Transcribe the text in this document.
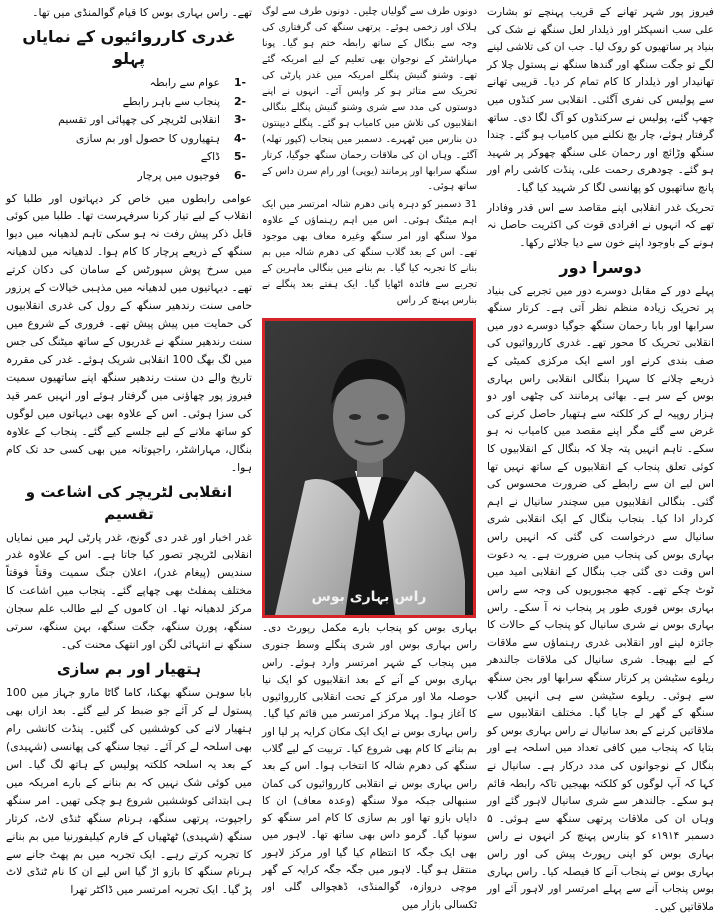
فیروز پور شہر تھانے کے قریب پہنچے تو بشارت علی سب انسپکٹر اور ذیلدار لعل سنگھ نے شک کی بنیاد پر ساتھیوں کو روک لیا۔ جب ان کی تلاشی لینے لگے تو جگت سنگھ اور گندھا سنگھ نے پستول چلا کر تھانیدار اور ذیلدار کا کام تمام کر دیا۔ قریبی تھانے سے پولیس کی نفری آگئی۔ انقلابی سر کنڈوں میں چھپ گئے، پولیس نے سرکنڈوں کو آگ لگا دی۔ ساتھ گرفتار ہوئے، چار بچ نکلنے میں کامیاب ہو گئے۔ چندا سنگھ وڑائچ اور رحمان علی سنگھ چھوکر پر شہید ہو گئے۔ چودھری رحمت علی، پنڈت کاشی رام اور پانچ ساتھیوں کو پھانسی لگا کر شہید کیا گیا۔

تحریک غدر انقلابی اپنے مقاصد سے اس قدر وفادار تھے کہ انہوں نے افرادی قوت کی اکثریت حاصل نہ ہونے کے باوجود اپنے خون سے دیا جلائے رکھا۔

دوسرا دور

پہلے دور کے مقابل دوسرے دور میں تجربے کی بنیاد پر تحریک زیادہ منظم نظر آتی ہے۔ کرتار سنگھ سرابھا اور بابا رحمان سنگھ جوگیا دوسرے دور میں انقلابی تحریک کا محور تھے۔ غدری کارروائیوں کی صف بندی کرنے اور اسے ایک مرکزی کمیٹی کے ذریعے چلانے کا سہرا بنگالی انقلابی راس بہاری بوس کے سر ہے۔ بھائی پرمانند کی چٹھی اور دو ہزار روپیہ لے کر کلکتہ سے ہتھیار حاصل کرنے کی غرض سے گئے مگر اپنے مقصد میں کامیاب نہ ہو سکے۔ تاہم انہیں پتہ چلا کہ بنگال کے انقلابیوں کا کوئی تعلق پنجاب کے انقلابیوں کے ساتھ نہیں تھا اس لیے ان سے رابطے کی ضرورت محسوس کی گئی۔ بنگالی انقلابیوں میں سچندر سانیال نے اہم کردار ادا کیا۔ بنجاب بنگال کے ایک انقلابی شری سانیال سے درخواست کی گئی کہ انہیں راس بہاری بوس کی پنجاب میں ضرورت ہے۔ یہ دعوت اس وقت دی گئی جب بنگال کے انقلابی امید میں ٹوٹ چکے تھے۔ کچھ مجبوریوں کی وجہ سے راس بہاری بوس فوری طور پر پنجاب نہ آ سکے۔ راس بہاری بوس نے شری سانیال کو پنجاب کے حالات کا جائزہ لینے اور انقلابی غدری رہنماؤں سے ملاقات کے لیے بھیجا۔ شری سانیال کی ملاقات جالندھر ریلوے سٹیشن پر کرتار سنگھ سرابھا اور بجن سنگھ سے ہوئی۔ ریلوے سٹیشن سے ہی انہیں گلاب سنگھ کے گھر لے جایا گیا۔ مختلف انقلابیوں سے ملاقاتیں کرنے کے بعد سانیال نے راس بہاری بوس کو بتایا کہ پنجاب میں کافی تعداد میں اسلحہ ہے اور بنگال کے نوجوانوں کی مدد درکار ہے۔ سانیال نے کہا کہ آپ لوگوں کو کلکتہ بھیجیں تاکہ رابطہ قائم ہو سکے۔ جالندھر سے شری سانیال لاہور گئے اور وہاں ان کی ملاقات پرتھی سنگھ سے ہوئی۔ ۵ دسمبر ۱۹۱۴ء کو بنارس پہنچ کر انہوں نے راس بہاری بوس کو اپنی رپورٹ پیش کی اور راس بہاری بوس نے پنجاب آنے کا فیصلہ کیا۔ راس بہاری بوس پنجاب آنے سے پہلے امرتسر اور لاہور آئے اور ملاقاتیں کیں۔

دونوں طرف سے گولیاں چلیں۔ دونوں طرف سے لوگ ہلاک اور زخمی ہوئے۔ پرتھی سنگھ کی گرفتاری کی وجہ سے بنگال کے ساتھ رابطہ ختم ہو گیا۔ پونا مہاراشٹر کے نوجوان بھی تعلیم کے لیے امریکہ گئے تھے۔ وشنو گنیش پنگلے امریکہ میں غدر پارٹی کی تحریک سے متاثر ہو کر واپس آئے۔ انہوں نے اپنے دوستوں کی مدد سے شری وشنو گنیش پنگلے بنگالی انقلابیوں کی تلاش میں کامیاب ہو گئے۔ پنگلے دیپنتون دن بنارس میں ٹھہرے۔ دسمبر میں پنجاب (کپور تھلہ) آگئے۔ وہاں ان کی ملاقات رحمان سنگھ جوگیا، کرتار سنگھ سرابھا اور پرمانند (یوپی) اور رام سرن داس کے ساتھ ہوئی۔

31 دسمبر کو دہرہ پانی دھرم شالہ امرتسر میں ایک اہم میٹنگ ہوئی۔ اس میں اہم رہنماؤں کے علاوہ مولا سنگھ اور امر سنگھ وغیرہ معاف بھی موجود تھے۔ اس کے بعد گلاب سنگھ کی دھرم شالہ میں بم بنانے کا تجربہ کیا گیا۔ بم بنانے میں بنگالی ماہرین کے تجربے سے فائدہ اٹھایا گیا۔ ایک ہفتے بعد پنگلے نے بنارس پہنچ کر راس

راس بہاری بوس

بہاری بوس کو پنجاب بارے مکمل رپورٹ دی۔ راس بہاری بوس اور شری پنگلے وسط جنوری میں پنجاب کے شہر امرتسر وارد ہوئے۔ راس بہاری بوس کے آنے کے بعد انقلابیوں کو ایک نیا حوصلہ ملا اور مرکز کے تحت انقلابی کارروائیوں کا آغاز ہوا۔ پہلا مرکز امرتسر میں قائم کیا گیا۔ راس بہاری بوس نے ایک ایک مکان کرایہ پر لیا اور بم بنانے کا کام بھی شروع کیا۔ تربیت کے لیے گلاب سنگھ کی دھرم شالہ کا انتخاب ہوا۔ اس کے بعد راس بہاری بوس نے انقلابی کارروائیوں کی کمان سنبھالی جبکہ مولا سنگھ (وعدہ معاف) ان کا دایاں بازو تھا اور بم سازی کا کام امر سنگھ کو سونپا گیا۔ گرمو داس بھی ساتھ تھا۔ لاہور میں بھی ایک جگہ کا انتظام کیا گیا اور مرکز لاہور منتقل ہو گیا۔ لاہور میں جگہ جگہ کرایہ کے گھر موچی دروازہ، گوالمنڈی، ڈھچوالی گلی اور ٹکسالی بازار میں

تھے۔ راس بہاری بوس کا قیام گوالمنڈی میں تھا۔

غدری کارروائیوں کے نمایاں پہلو
-1عوام سے رابطہ
-2پنجاب سے باہر رابطے
-3انقلابی لٹریچر کی چھپائی اور تقسیم
-4ہتھیاروں کا حصول اور بم سازی
-5ڈاکے
-6فوجیوں میں پرچار

عوامی رابطوں میں خاص کر دیہاتوں اور طلبا کو انقلاب کے لیے تیار کرنا سرفہرست تھا۔ طلبا میں کوئی قابل ذکر پیش رفت نہ ہو سکی تاہم لدھیانہ میں دیوا سنگھ کے ذریعے پرچار کا کام ہوا۔ لدھیانہ میں لدھیانہ میں سرخ پوش سپورٹس کے سامان کی دکان کرتے تھے۔ دیہاتیوں میں لدھیانہ میں مذہبی خیالات کے پرزور حامی سنت رندھیر سنگھ کے رول کی غدری انقلابیوں کی حمایت میں پیش پیش تھے۔ فروری کے شروع میں سنت رندھیر سنگھ نے غدریوں کے ساتھ میٹنگ کی جس میں لگ بھگ 100 انقلابی شریک ہوئے۔ غدر کی مقررہ تاریخ والے دن سنت رندھیر سنگھ اپنے ساتھیوں سمیت فیروز پور چھاؤنی میں گرفتار ہوئے اور انہیں عمر قید کی سزا ہوئی۔ اس کے علاوہ بھی دیہاتوں میں لوگوں کو ساتھ ملانے کے لیے جلسے کیے گئے۔ پنجاب کے علاوہ بنگال، مہاراشٹر، راجپوتانہ میں بھی کسی حد تک کام ہوا۔

انقلابی لٹریچر کی اشاعت و تقسیم

غدر اخبار اور غدر دی گونج، غدر پارٹی لہر میں نمایاں انقلابی لٹریچر تصور کیا جاتا ہے۔ اس کے علاوہ غدر سندیس (پیغام غدر)، اعلان جنگ سمیت وقتاً فوقتاً مختلف پمفلٹ بھی چھاپے گئے۔ پنجاب میں اشاعت کا مرکز لدھیانہ تھا۔ ان کاموں کے لیے طالب علم سجان سنگھ، پورن سنگھ، جگت سنگھ، بہن سنگھ، سرتی سنگھ نے انتہائی لگن اور انتھک محنت کی۔

ہتھیار اور بم سازی

بابا سوہن سنگھ بھکنا، کاما گاٹا مارو جہاز میں 100 پستول لے کر آئے جو ضبط کر لیے گئے۔ بعد ازاں بھی ہتھیار لانے کی کوششیں کی گئیں۔ پنڈت کانشی رام بھی اسلحہ لے کر آئے۔ تیجا سنگھ کی پھانسی (شہیدی) کے بعد یہ اسلحہ کلکتہ پولیس کے ہاتھ لگ گیا۔ اس میں کوئی شک نہیں کہ بم بنانے کے بارے امریکہ میں ہی ابتدائی کوششیں شروع ہو چکی تھیں۔ امر سنگھ راجپوت، پرتھی سنگھ، ہرنام سنگھ ٹنڈی لاٹ، کرتار سنگھ (شہیدی) ٹھٹھیاں کے فارم کیلیفورنیا میں بم بنانے کا تجربہ کرتے رہے۔ ایک تجربہ میں بم پھٹ جانے سے ہرنام سنگھ کا بازو اڑ گیا اس لیے ان کا نام ٹنڈی لاٹ پڑ گیا۔ ایک تجربہ امرتسر میں ڈاکٹر تھرا
